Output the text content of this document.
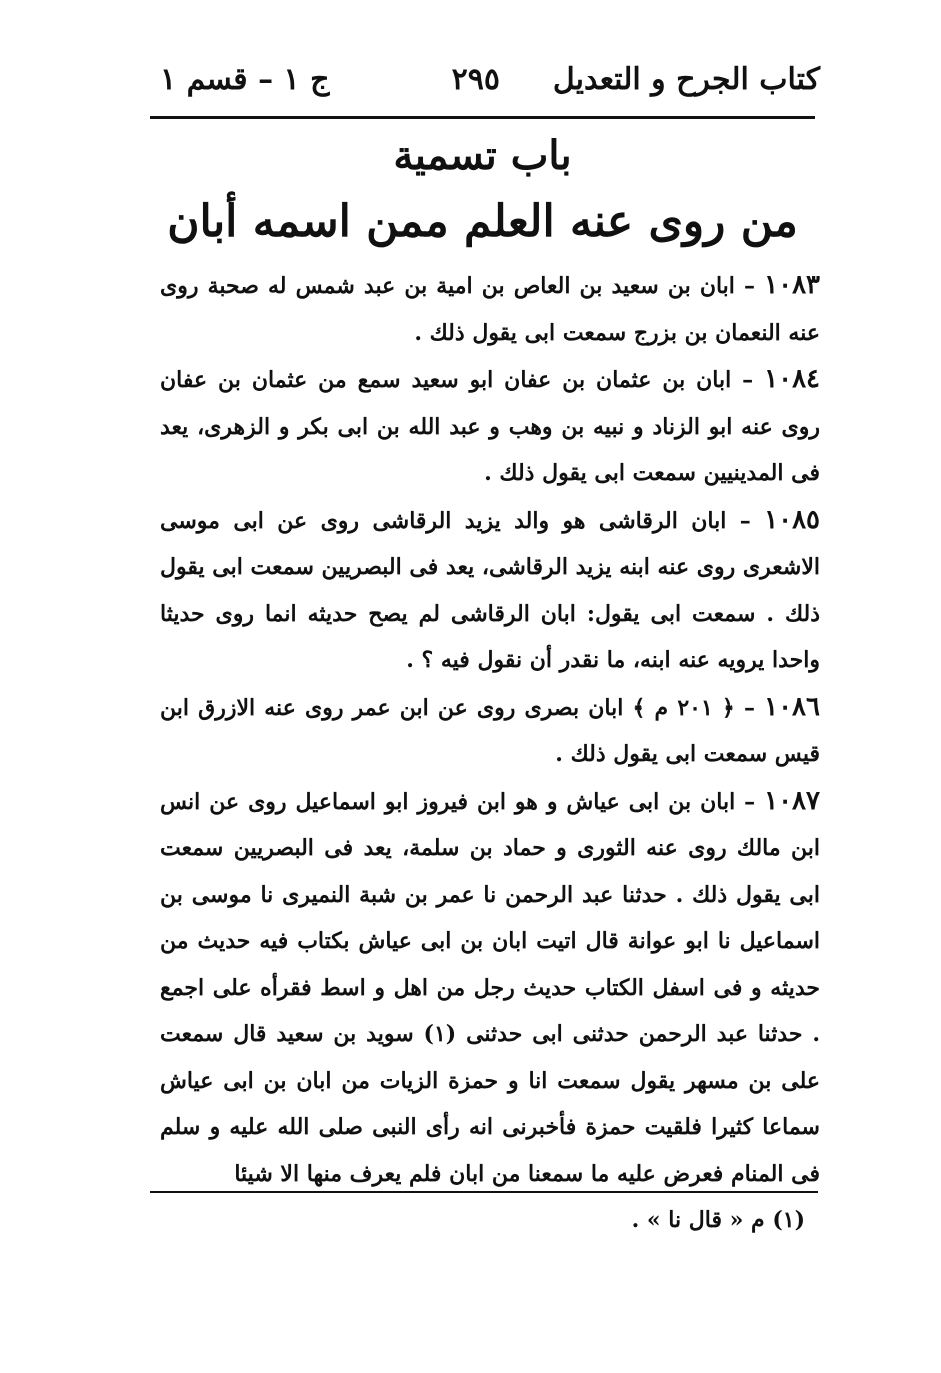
كتاب الجرح و التعديل
٢٩٥
ج ١ – قسم ١
باب تسمية
من روى عنه العلم ممن اسمه أبان

١٠٨٣ – ابان بن سعيد بن العاص بن امية بن عبد شمس له صحبة روى عنه النعمان بن بزرج سمعت ابى يقول ذلك .

١٠٨٤ – ابان بن عثمان بن عفان ابو سعيد سمع من عثمان بن عفان روى عنه ابو الزناد و نبيه بن وهب و عبد الله بن ابى بكر و الزهرى، يعد فى المدينيين سمعت ابى يقول ذلك .

١٠٨٥ – ابان الرقاشى هو والد يزيد الرقاشى روى عن ابى موسى الاشعرى روى عنه ابنه يزيد الرقاشى، يعد فى البصريين سمعت ابى يقول ذلك . سمعت ابى يقول: ابان الرقاشى لم يصح حديثه انما روى حديثا واحدا يرويه عنه ابنه، ما نقدر أن نقول فيه ؟ .

١٠٨٦ – ﴿ ٢٠١ م ﴾ ابان بصرى روى عن ابن عمر روى عنه الازرق ابن قيس سمعت ابى يقول ذلك .

١٠٨٧ – ابان بن ابى عياش و هو ابن فيروز ابو اسماعيل روى عن انس ابن مالك روى عنه الثورى و حماد بن سلمة، يعد فى البصريين سمعت ابى يقول ذلك . حدثنا عبد الرحمن نا عمر بن شبة النميرى نا موسى بن اسماعيل نا ابو عوانة قال اتيت ابان بن ابى عياش بكتاب فيه حديث من حديثه و فى اسفل الكتاب حديث رجل من اهل و اسط فقرأه على اجمع . حدثنا عبد الرحمن حدثنى ابى حدثنى (١) سويد بن سعيد قال سمعت على بن مسهر يقول سمعت انا و حمزة الزيات من ابان بن ابى عياش سماعا كثيرا فلقيت حمزة فأخبرنى انه رأى النبى صلى الله عليه و سلم فى المنام فعرض عليه ما سمعنا من ابان فلم يعرف منها الا شيئا

(١) م « قال نا » .
